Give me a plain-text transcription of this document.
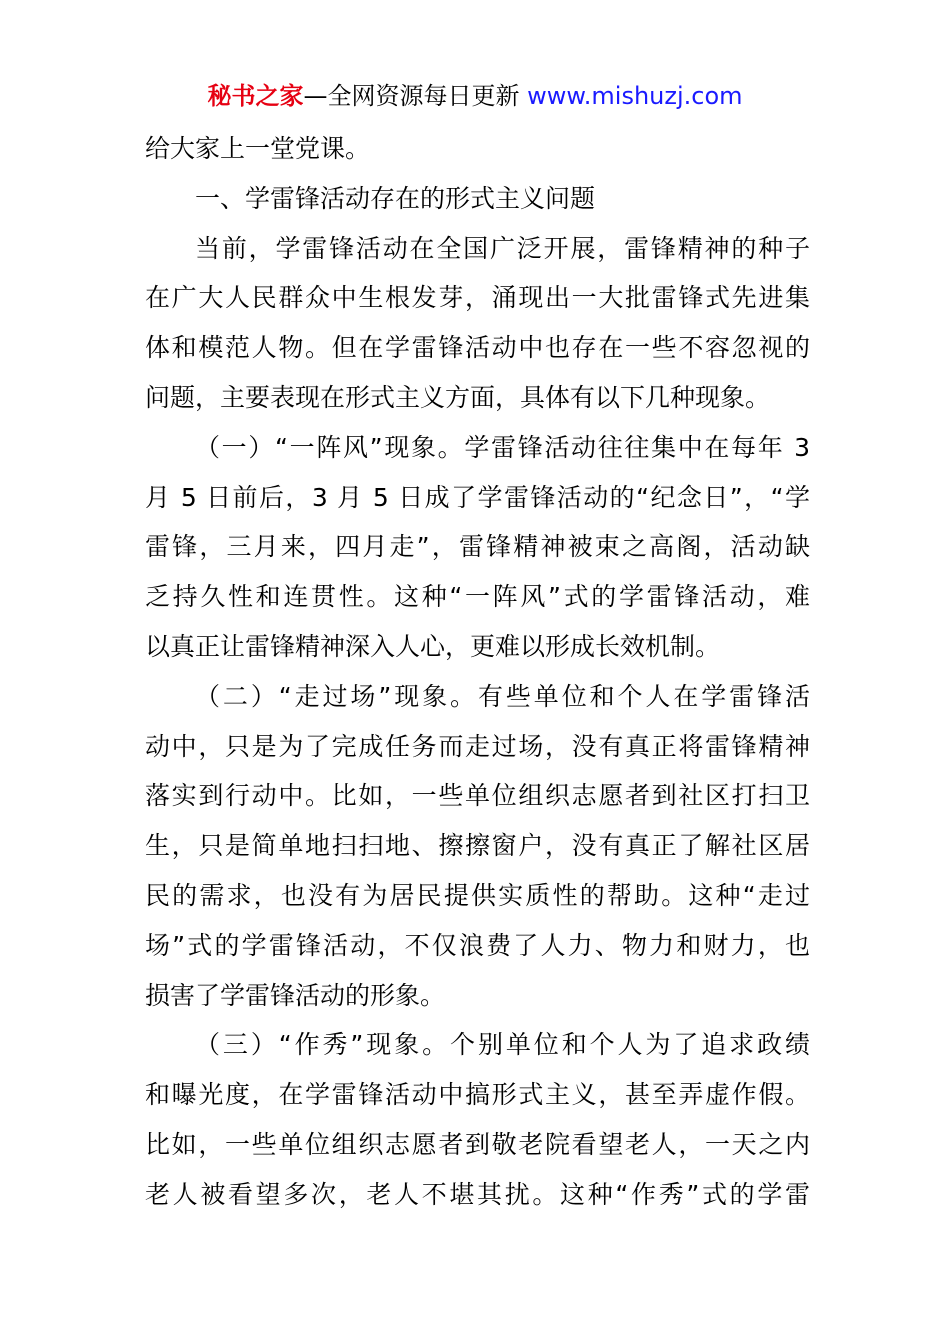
秘书之家—全网资源每日更新 www.mishuzj.com
给大家上一堂党课。
一、学雷锋活动存在的形式主义问题
当前，学雷锋活动在全国广泛开展，雷锋精神的种子
在广大人民群众中生根发芽，涌现出一大批雷锋式先进集
体和模范人物。但在学雷锋活动中也存在一些不容忽视的
问题，主要表现在形式主义方面，具体有以下几种现象。
（一）“一阵风”现象。学雷锋活动往往集中在每年 3
月 5 日前后，3 月 5 日成了学雷锋活动的“纪念日”，“学
雷锋，三月来，四月走”，雷锋精神被束之高阁，活动缺
乏持久性和连贯性。这种“一阵风”式的学雷锋活动，难
以真正让雷锋精神深入人心，更难以形成长效机制。
（二）“走过场”现象。有些单位和个人在学雷锋活
动中，只是为了完成任务而走过场，没有真正将雷锋精神
落实到行动中。比如，一些单位组织志愿者到社区打扫卫
生，只是简单地扫扫地、擦擦窗户，没有真正了解社区居
民的需求，也没有为居民提供实质性的帮助。这种“走过
场”式的学雷锋活动，不仅浪费了人力、物力和财力，也
损害了学雷锋活动的形象。
（三）“作秀”现象。个别单位和个人为了追求政绩
和曝光度，在学雷锋活动中搞形式主义，甚至弄虚作假。
比如，一些单位组织志愿者到敬老院看望老人，一天之内
老人被看望多次，老人不堪其扰。这种“作秀”式的学雷
